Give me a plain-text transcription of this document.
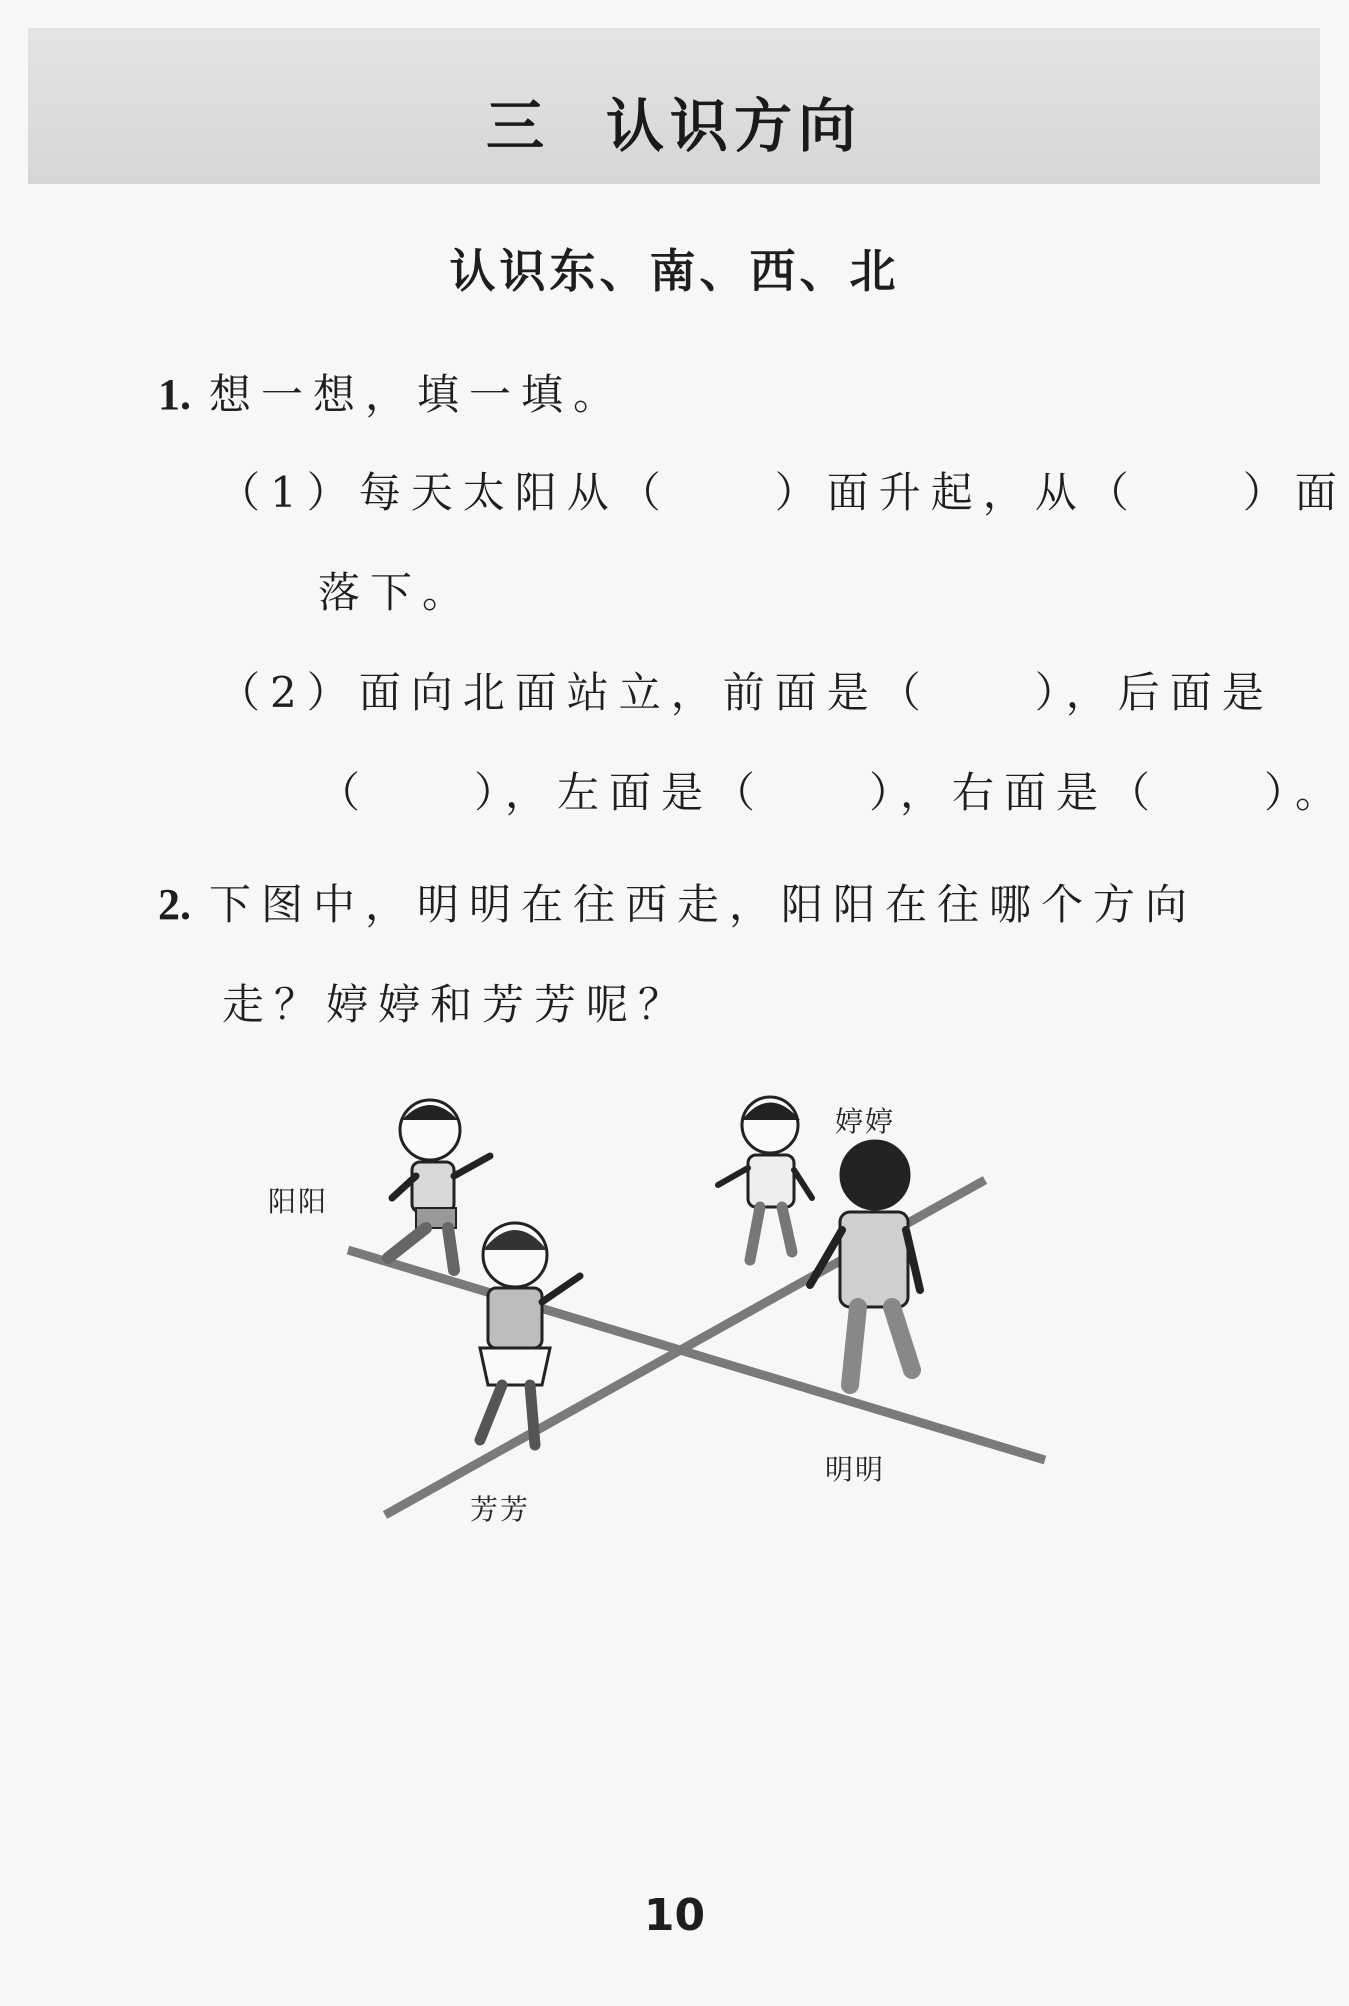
三 认识方向
认识东、南、西、北
1. 想一想，填一填。
（1）每天太阳从（　　）面升起，从（　　）面
落下。
（2）面向北面站立，前面是（　　），后面是
（　　），左面是（　　），右面是（　　）。
2. 下图中，明明在往西走，阳阳在往哪个方向
走？婷婷和芳芳呢？
阳阳
婷婷
明明
芳芳
10
